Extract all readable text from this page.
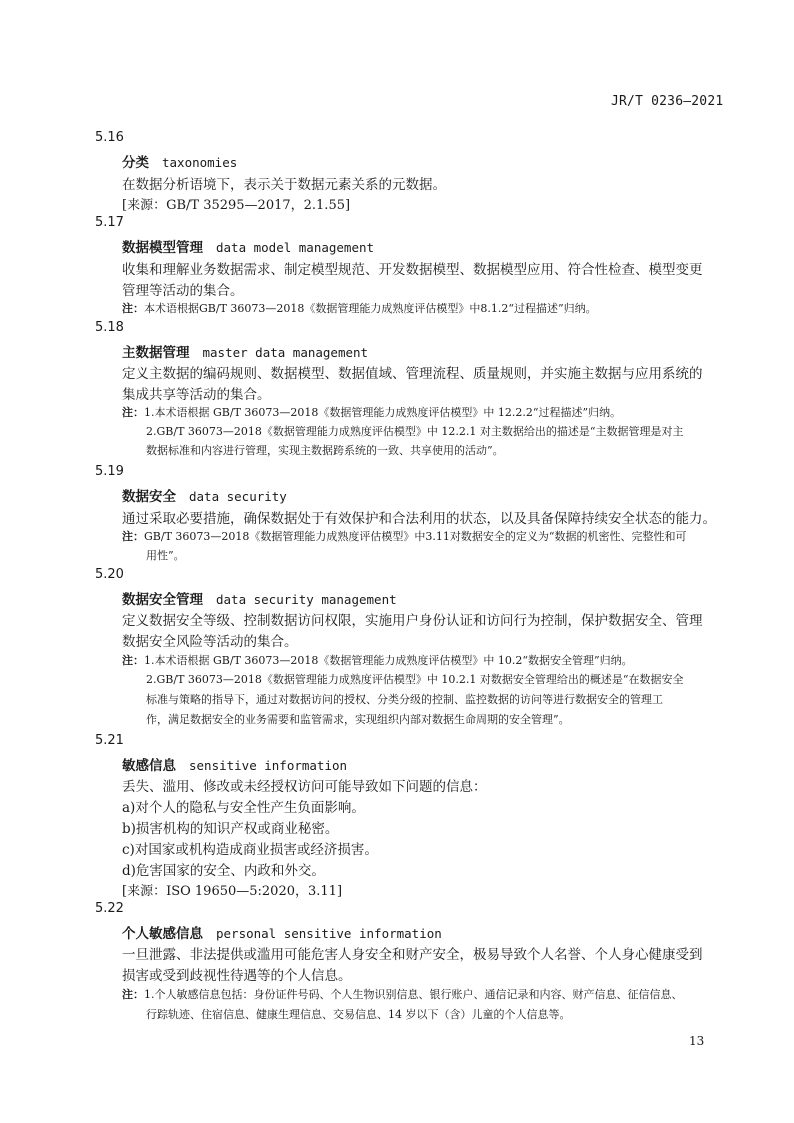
JR/T 0236—2021
5.16
分类 taxonomies
在数据分析语境下，表示关于数据元素关系的元数据。
[来源：GB/T 35295—2017，2.1.55]
5.17
数据模型管理 data model management
收集和理解业务数据需求、制定模型规范、开发数据模型、数据模型应用、符合性检查、模型变更
管理等活动的集合。
注：本术语根据GB/T 36073—2018《数据管理能力成熟度评估模型》中8.1.2“过程描述”归纳。
5.18
主数据管理 master data management
定义主数据的编码规则、数据模型、数据值域、管理流程、质量规则，并实施主数据与应用系统的
集成共享等活动的集合。
注：1.本术语根据 GB/T 36073—2018《数据管理能力成熟度评估模型》中 12.2.2“过程描述”归纳。
2.GB/T 36073—2018《数据管理能力成熟度评估模型》中 12.2.1 对主数据给出的描述是“主数据管理是对主
数据标准和内容进行管理，实现主数据跨系统的一致、共享使用的活动”。
5.19
数据安全 data security
通过采取必要措施，确保数据处于有效保护和合法利用的状态，以及具备保障持续安全状态的能力。
注：GB/T 36073—2018《数据管理能力成熟度评估模型》中3.11对数据安全的定义为“数据的机密性、完整性和可
用性”。
5.20
数据安全管理 data security management
定义数据安全等级、控制数据访问权限，实施用户身份认证和访问行为控制，保护数据安全、管理
数据安全风险等活动的集合。
注：1.本术语根据 GB/T 36073—2018《数据管理能力成熟度评估模型》中 10.2“数据安全管理”归纳。
2.GB/T 36073—2018《数据管理能力成熟度评估模型》中 10.2.1 对数据安全管理给出的概述是“在数据安全
标准与策略的指导下，通过对数据访问的授权、分类分级的控制、监控数据的访问等进行数据安全的管理工
作，满足数据安全的业务需要和监管需求，实现组织内部对数据生命周期的安全管理”。
5.21
敏感信息 sensitive information
丢失、滥用、修改或未经授权访问可能导致如下问题的信息：
a)对个人的隐私与安全性产生负面影响。
b)损害机构的知识产权或商业秘密。
c)对国家或机构造成商业损害或经济损害。
d)危害国家的安全、内政和外交。
[来源：ISO 19650—5:2020，3.11]
5.22
个人敏感信息 personal sensitive information
一旦泄露、非法提供或滥用可能危害人身安全和财产安全，极易导致个人名誉、个人身心健康受到
损害或受到歧视性待遇等的个人信息。
注：1.个人敏感信息包括：身份证件号码、个人生物识别信息、银行账户、通信记录和内容、财产信息、征信信息、
行踪轨迹、住宿信息、健康生理信息、交易信息、14 岁以下（含）儿童的个人信息等。
13
